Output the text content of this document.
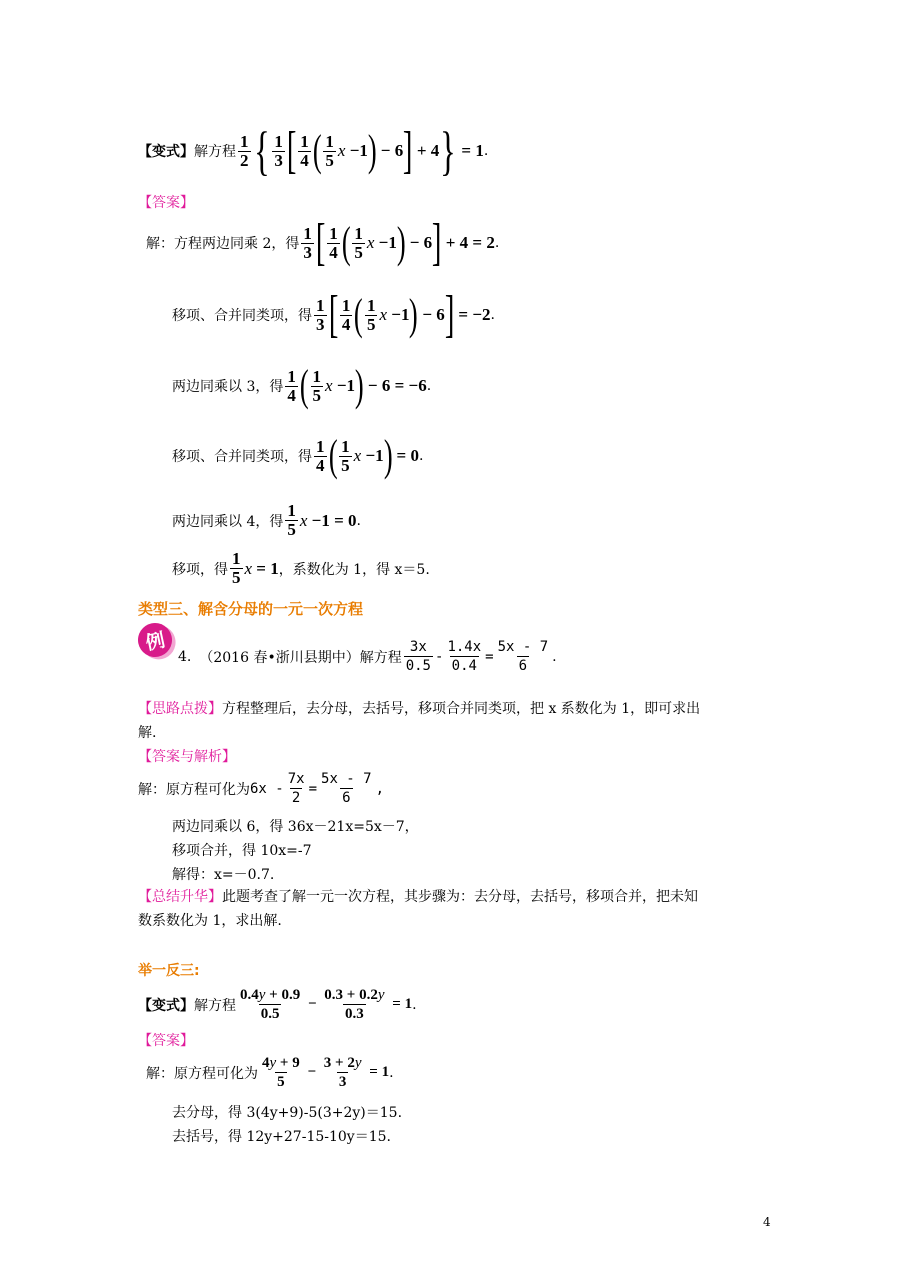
【变式】 解方程
1
2 { 1
3 [ 1
4 ( 1
5 x −1 ) − 6 ] + 4 } = 1 .
【答案】
解：方程两边同乘 2，得
1
3 [ 1
4 ( 1
5 x −1 ) − 6 ] + 4 = 2 .
移项、合并同类项，得
1
3 [ 1
4 ( 1
5 x −1 ) − 6 ] = −2 .
两边同乘以 3，得
1
4 ( 1
5 x −1 ) − 6 = −6 .
移项、合并同类项，得
1
4 ( 1
5 x −1 ) = 0 .
两边同乘以 4，得
1
5 x −1 = 0 .
移项，得
1
5 x = 1 ，系数化为 1，得 x＝5.
类型三、解含分母的一元一次方程
例
4. （2016 春•浙川县期中）解方程
3x
0.5
-
1.4x
0.4
=
5x - 7
6
.
【思路点拨】 方程整理后，去分母，去括号，移项合并同类项，把 x 系数化为 1，即可求出
解.
【答案与解析】
解：原方程可化为 6x -
7x
2
=
5x - 7
6
,
两边同乘以 6，得 36x－21x=5x－7，
移项合并，得 10x=-7
解得：x=－0.7.
【总结升华】 此题考查了解一元一次方程，其步骤为：去分母，去括号，移项合并，把未知
数系数化为 1，求出解.
举一反三:
【变式】 解方程
0.4y + 0.9
0.5
−
0.3 + 0.2y
0.3
= 1 .
【答案】
解：原方程可化为
4y + 9
5
−
3 + 2y
3
= 1 .
去分母，得 3(4y+9)-5(3+2y)＝15.
去括号，得 12y+27-15-10y＝15.
4
